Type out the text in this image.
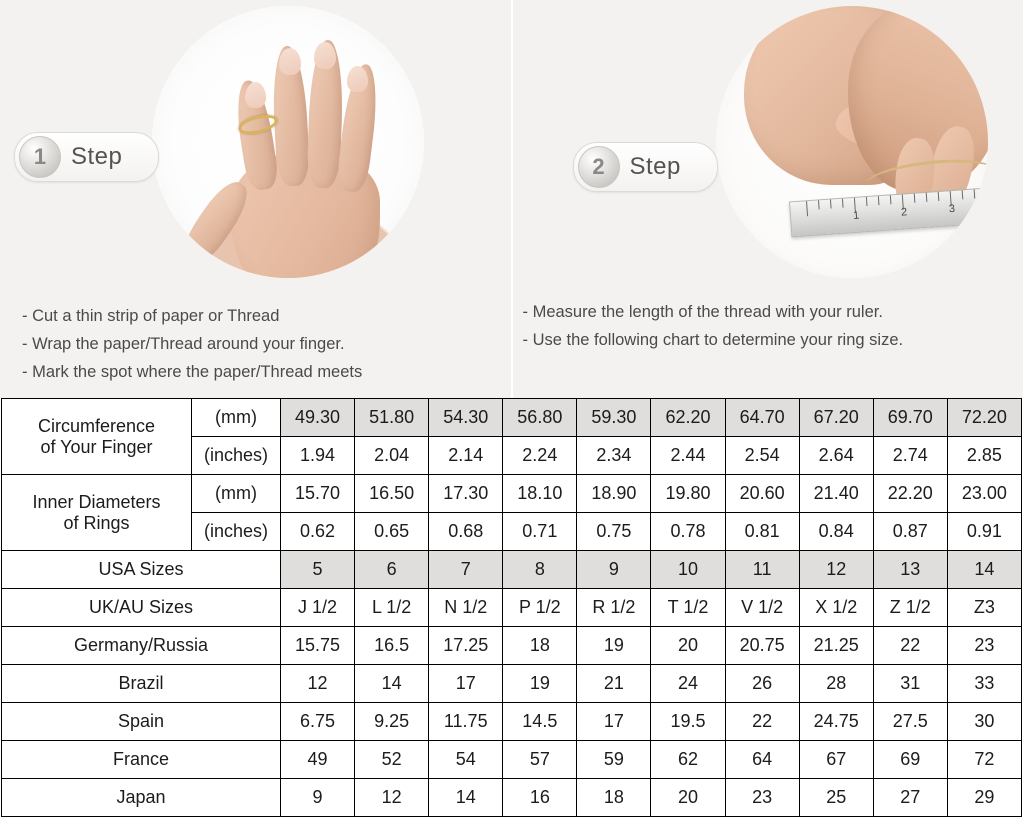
1	Step
- Cut a thin strip of paper or Thread
- Wrap the paper/Thread around your finger.
- Mark the spot where the paper/Thread meets
1	2	3
2	Step
- Measure the length of the thread with your ruler.
- Use the following chart to determine your ring size.
Circumference
of Your Finger	(mm)	49.30	51.80	54.30	56.80	59.30	62.20	64.70	67.20	69.70	72.20
	(inches)	1.94	2.04	2.14	2.24	2.34	2.44	2.54	2.64	2.74	2.85

Inner Diameters
of Rings	(mm)	15.70	16.50	17.30	18.10	18.90	19.80	20.60	21.40	22.20	23.00
	(inches)	0.62	0.65	0.68	0.71	0.75	0.78	0.81	0.84	0.87	0.91
USA Sizes		5	6	7	8	9	10	11	12	13	14
UK/AU Sizes		J 1/2	L 1/2	N 1/2	P 1/2	R 1/2	T 1/2	V 1/2	X 1/2	Z 1/2	Z3
Germany/Russia		15.75	16.5	17.25	18	19	20	20.75	21.25	22	23
Brazil		12	14	17	19	21	24	26	28	31	33
Spain		6.75	9.25	11.75	14.5	17	19.5	22	24.75	27.5	30
France		49	52	54	57	59	62	64	67	69	72
Japan		9	12	14	16	18	20	23	25	27	29
